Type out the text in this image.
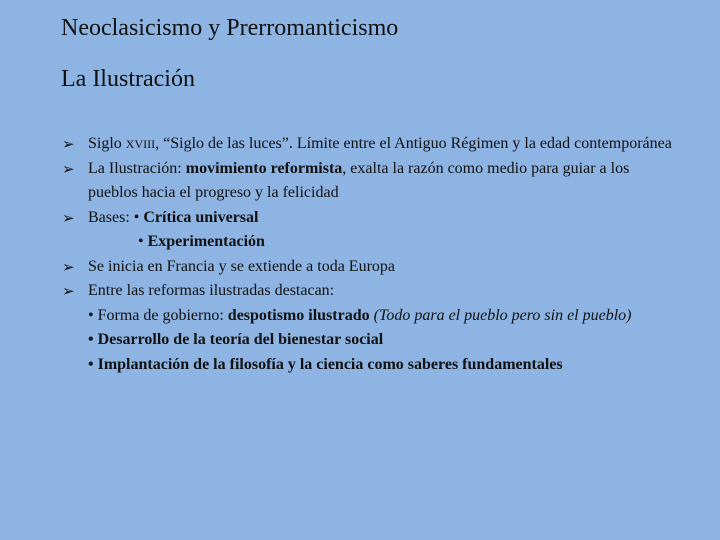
Neoclasicismo y Prerromanticismo
La Ilustración
➢ Siglo XVIII, “Siglo de las luces”. Límite entre el Antiguo Régimen y la edad contemporánea
➢ La Ilustración: movimiento reformista, exalta la razón como medio para guiar a los pueblos hacia el progreso y la felicidad
➢ Bases: • Crítica universal
• Experimentación
➢ Se inicia en Francia y se extiende a toda Europa
➢ Entre las reformas ilustradas destacan:
• Forma de gobierno: despotismo ilustrado (Todo para el pueblo pero sin el pueblo)
• Desarrollo de la teoría del bienestar social
• Implantación de la filosofía y la ciencia como saberes fundamentales
